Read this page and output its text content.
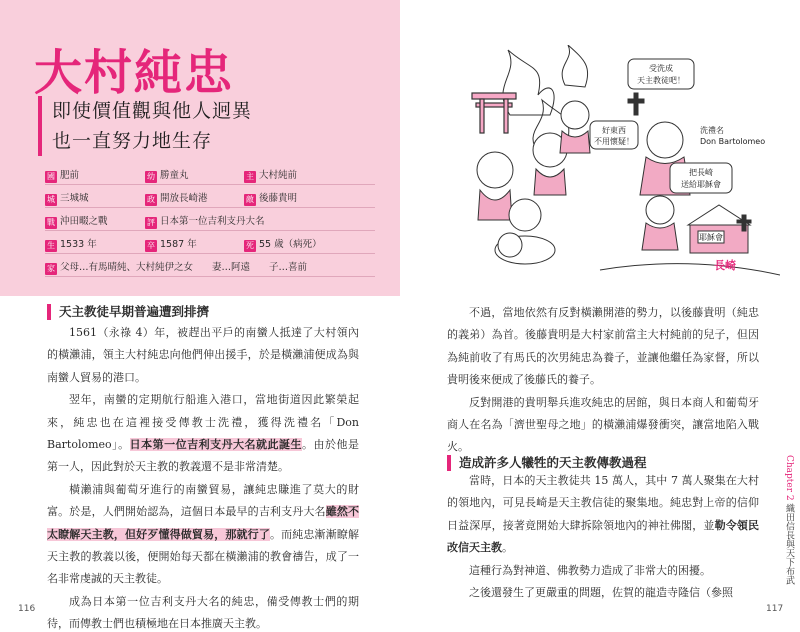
大村純忠
即使價值觀與他人迥異
也一直努力地生存
國 肥前	幼 勝童丸	主 大村純前
城 三城城	政 開放長崎港	敵 後藤貴明
戰 沖田畷之戰	評 日本第一位吉利支丹大名
生 1533 年	卒 1587 年	死 55 歲（病死）
家 父母…有馬晴純、大村純伊之女　　妻…阿遠　　子…喜前
天主教徒早期普遍遭到排擠

1561（永祿 4）年，被趕出平戶的南蠻人抵達了大村領內的橫瀨浦，領主大村純忠向他們伸出援手，於是橫瀨浦便成為與南蠻人貿易的港口。

翌年，南蠻的定期航行船進入港口，當地街道因此繁榮起來，純忠也在這裡接受傳教士洗禮，獲得洗禮名「Don Bartolomeo」。日本第一位吉利支丹大名就此誕生。由於他是第一人，因此對於天主教的教義還不是非常清楚。

橫瀨浦與葡萄牙進行的南蠻貿易，讓純忠賺進了莫大的財富。於是，人們開始認為，這個日本最早的吉利支丹大名雖然不太瞭解天主教，但好歹懂得做貿易，那就行了。而純忠漸漸瞭解天主教的教義以後，便開始每天都在橫瀨浦的教會禱告，成了一名非常虔誠的天主教徒。

成為日本第一位吉利支丹大名的純忠，備受傳教士們的期待，而傳教士們也積極地在日本推廣天主教。

116
受洗成
天主教徒吧！
好東西
不用懷疑！
洗禮名
Don Bartolomeo
把長崎
送給耶穌會
耶穌會
長崎

不過，當地依然有反對橫瀨開港的勢力，以後藤貴明（純忠的義弟）為首。後藤貴明是大村家前當主大村純前的兒子，但因為純前收了有馬氏的次男純忠為養子，並讓他繼任為家督，所以貴明後來便成了後藤氏的養子。

反對開港的貴明舉兵進攻純忠的居館，與日本商人和葡萄牙商人在名為「濟世聖母之地」的橫瀨浦爆發衝突，讓當地陷入戰火。

造成許多人犧牲的天主教傳教過程

當時，日本的天主教徒共 15 萬人，其中 7 萬人聚集在大村的領地內，可見長崎是天主教信徒的聚集地。純忠對上帝的信仰日益深厚，接著竟開始大肆拆除領地內的神社佛閣，並勒令領民改信天主教。

這種行為對神道、佛教勢力造成了非常大的困擾。

之後還發生了更嚴重的問題，佐賀的龍造寺隆信（參照

Chapter 2 織田信長與天下布武
117
